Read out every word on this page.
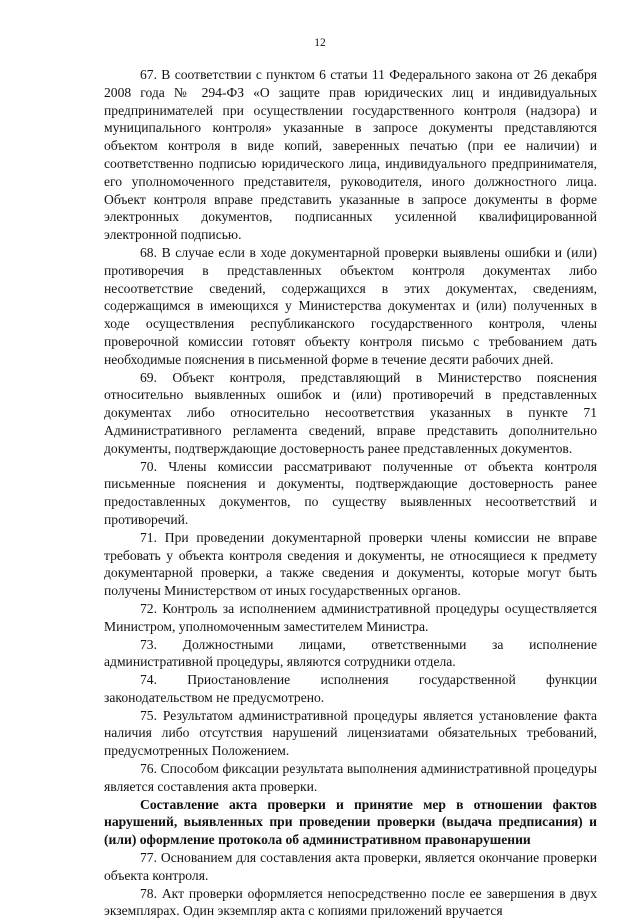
12

67. В соответствии с пунктом 6 статьи 11 Федерального закона от 26 декабря 2008 года № 294-ФЗ «О защите прав юридических лиц и индивидуальных предпринимателей при осуществлении государственного контроля (надзора) и муниципального контроля» указанные в запросе документы представляются объектом контроля в виде копий, заверенных печатью (при ее наличии) и соответственно подписью юридического лица, индивидуального предпринимателя, его уполномоченного представителя, руководителя, иного должностного лица. Объект контроля вправе представить указанные в запросе документы в форме электронных документов, подписанных усиленной квалифицированной электронной подписью.

68. В случае если в ходе документарной проверки выявлены ошибки и (или) противоречия в представленных объектом контроля документах либо несоответствие сведений, содержащихся в этих документах, сведениям, содержащимся в имеющихся у Министерства документах и (или) полученных в ходе осуществления республиканского государственного контроля, члены проверочной комиссии готовят объекту контроля письмо с требованием дать необходимые пояснения в письменной форме в течение десяти рабочих дней.

69. Объект контроля, представляющий в Министерство пояснения относительно выявленных ошибок и (или) противоречий в представленных документах либо относительно несоответствия указанных в пункте 71 Административного регламента сведений, вправе представить дополнительно документы, подтверждающие достоверность ранее представленных документов.

70. Члены комиссии рассматривают полученные от объекта контроля письменные пояснения и документы, подтверждающие достоверность ранее предоставленных документов, по существу выявленных несоответствий и противоречий.

71. При проведении документарной проверки члены комиссии не вправе требовать у объекта контроля сведения и документы, не относящиеся к предмету документарной проверки, а также сведения и документы, которые могут быть получены Министерством от иных государственных органов.

72. Контроль за исполнением административной процедуры осуществляется Министром, уполномоченным заместителем Министра.

73. Должностными лицами, ответственными за исполнение административной процедуры, являются сотрудники отдела.

74. Приостановление исполнения государственной функции законодательством не предусмотрено.

75. Результатом административной процедуры является установление факта наличия либо отсутствия нарушений лицензиатами обязательных требований, предусмотренных Положением.

76. Способом фиксации результата выполнения административной процедуры является составления акта проверки.

Составление акта проверки и принятие мер в отношении фактов нарушений, выявленных при проведении проверки (выдача предписания) и (или) оформление протокола об административном правонарушении

77. Основанием для составления акта проверки, является окончание проверки объекта контроля.

78. Акт проверки оформляется непосредственно после ее завершения в двух экземплярах. Один экземпляр акта с копиями приложений вручается
